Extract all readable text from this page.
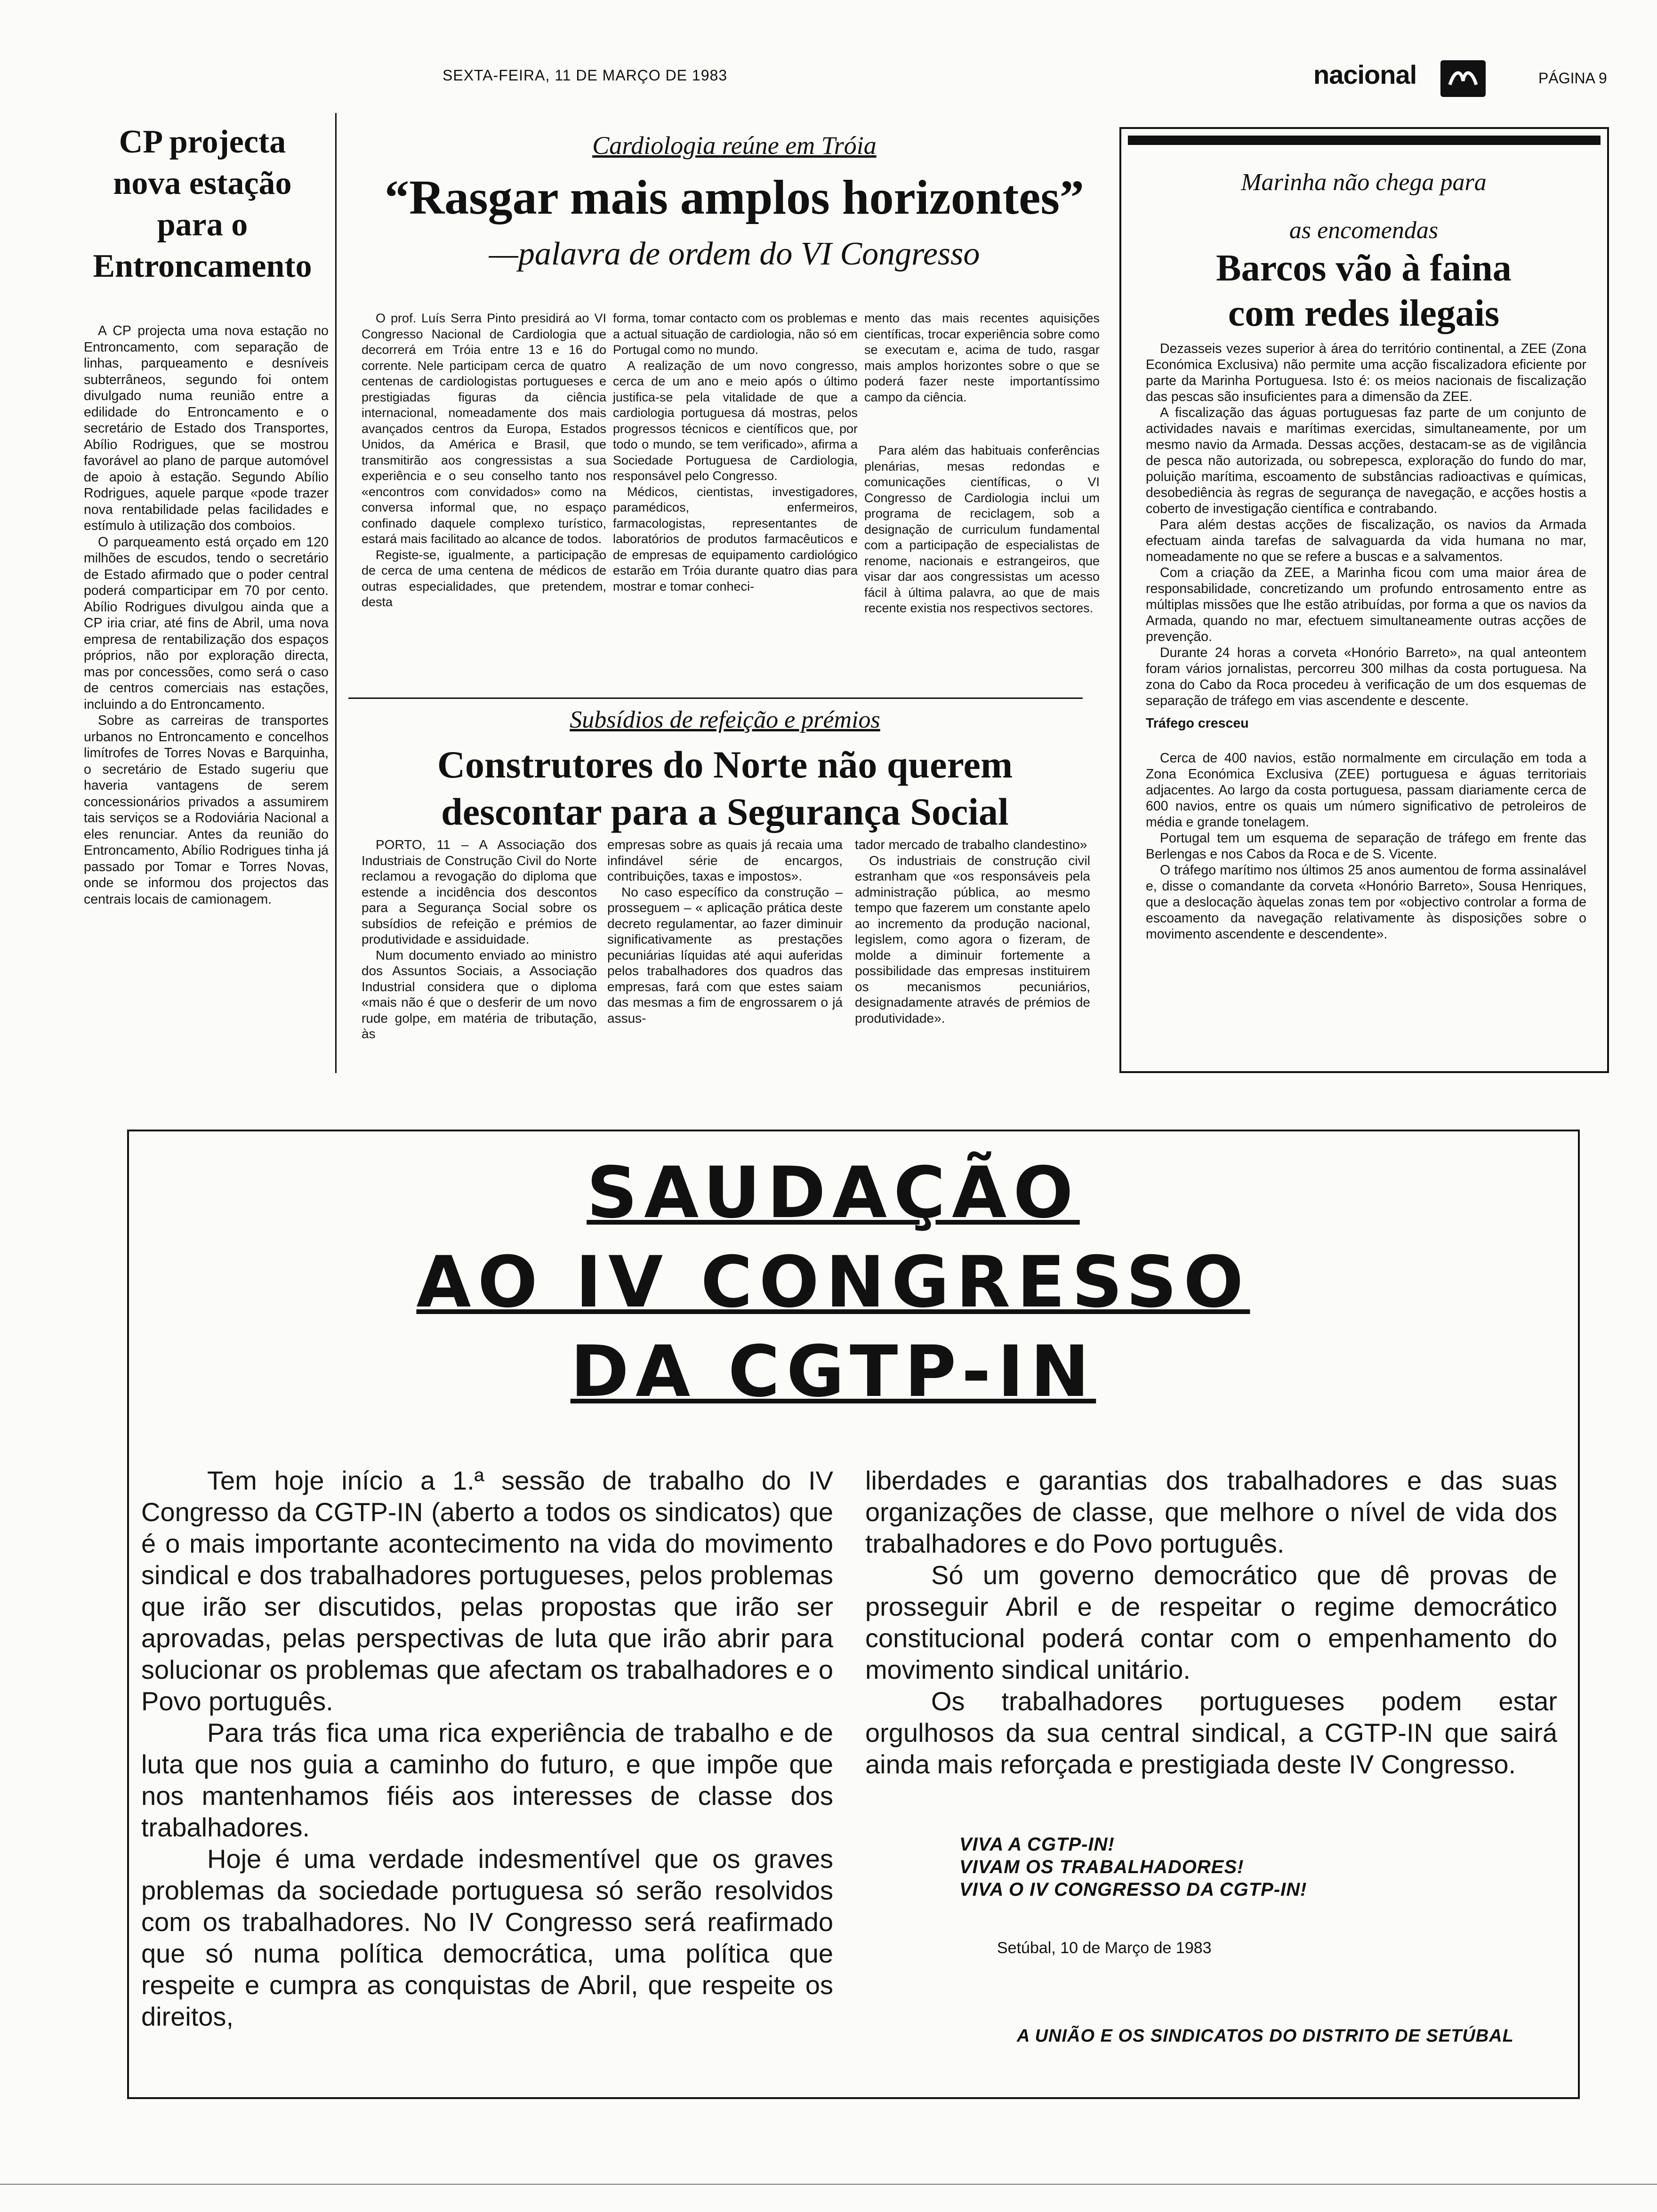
SEXTA-FEIRA, 11 DE MARÇO DE 1983	nacional	PÁGINA 9
CP projecta nova estação para o Entroncamento

A CP projecta uma nova estação no Entroncamento, com separação de linhas, parqueamento e desníveis subterrâneos, segundo foi ontem divulgado numa reunião entre a edilidade do Entroncamento e o secretário de Estado dos Transportes, Abílio Rodrigues, que se mostrou favorável ao plano de parque automóvel de apoio à estação. Segundo Abílio Rodrigues, aquele parque «pode trazer nova rentabilidade pelas facilidades e estímulo à utilização dos comboios.

O parqueamento está orçado em 120 milhões de escudos, tendo o secretário de Estado afirmado que o poder central poderá comparticipar em 70 por cento. Abílio Rodrigues divulgou ainda que a CP iria criar, até fins de Abril, uma nova empresa de rentabilização dos espaços próprios, não por exploração directa, mas por concessões, como será o caso de centros comerciais nas estações, incluindo a do Entroncamento.

Sobre as carreiras de transportes urbanos no Entroncamento e concelhos limítrofes de Torres Novas e Barquinha, o secretário de Estado sugeriu que haveria vantagens de serem concessionários privados a assumirem tais serviços se a Rodoviária Nacional a eles renunciar. Antes da reunião do Entroncamento, Abílio Rodrigues tinha já passado por Tomar e Torres Novas, onde se informou dos projectos das centrais locais de camionagem.

Cardiologia reúne em Tróia
“Rasgar mais amplos horizontes”
—palavra de ordem do VI Congresso

O prof. Luís Serra Pinto presidirá ao VI Congresso Nacional de Cardiologia que decorrerá em Tróia entre 13 e 16 do corrente. Nele participam cerca de quatro centenas de cardiologistas portugueses e prestigiadas figuras da ciência internacional, nomeadamente dos mais avançados centros da Europa, Estados Unidos, da América e Brasil, que transmitirão aos congressistas a sua experiência e o seu conselho tanto nos «encontros com convidados» como na conversa informal que, no espaço confinado daquele complexo turístico, estará mais facilitado ao alcance de todos.

Registe-se, igualmente, a participação de cerca de uma centena de médicos de outras especialidades, que pretendem, desta

forma, tomar contacto com os problemas e a actual situação de cardiologia, não só em Portugal como no mundo.

A realização de um novo congresso, cerca de um ano e meio após o último justifica-se pela vitalidade de que a cardiologia portuguesa dá mostras, pelos progressos técnicos e científicos que, por todo o mundo, se tem verificado», afirma a Sociedade Portuguesa de Cardiologia, responsável pelo Congresso.

Médicos, cientistas, investigadores, paramédicos, enfermeiros, farmacologistas, representantes de laboratórios de produtos farmacêuticos e de empresas de equipamento cardiológico estarão em Tróia durante quatro dias para mostrar e tomar conheci-

mento das mais recentes aquisições científicas, trocar experiência sobre como se executam e, acima de tudo, rasgar mais amplos horizontes sobre o que se poderá fazer neste importantíssimo campo da ciência.

Para além das habituais conferências plenárias, mesas redondas e comunicações científicas, o VI Congresso de Cardiologia inclui um programa de reciclagem, sob a designação de curriculum fundamental com a participação de especialistas de renome, nacionais e estrangeiros, que visar dar aos congressistas um acesso fácil à última palavra, ao que de mais recente existia nos respectivos sectores.

Subsídios de refeição e prémios
Construtores do Norte não querem descontar para a Segurança Social

PORTO, 11 – A Associação dos Industriais de Construção Civil do Norte reclamou a revogação do diploma que estende a incidência dos descontos para a Segurança Social sobre os subsídios de refeição e prémios de produtividade e assiduidade.

Num documento enviado ao ministro dos Assuntos Sociais, a Associação Industrial considera que o diploma «mais não é que o desferir de um novo rude golpe, em matéria de tributação, às

empresas sobre as quais já recaia uma infindável série de encargos, contribuições, taxas e impostos».

No caso específico da construção – prosseguem – « aplicação prática deste decreto regulamentar, ao fazer diminuir significativamente as prestações pecuniárias líquidas até aqui auferidas pelos trabalhadores dos quadros das empresas, fará com que estes saiam das mesmas a fim de engrossarem o já assus-

tador mercado de trabalho clandestino»

Os industriais de construção civil estranham que «os responsáveis pela administração pública, ao mesmo tempo que fazerem um constante apelo ao incremento da produção nacional, legislem, como agora o fizeram, de molde a diminuir fortemente a possibilidade das empresas instituirem os mecanismos pecuniários, designadamente através de prémios de produtividade».

Marinha não chega para
as encomendas
Barcos vão à faina com redes ilegais

Dezasseis vezes superior à área do território continental, a ZEE (Zona Económica Exclusiva) não permite uma acção fiscalizadora eficiente por parte da Marinha Portuguesa. Isto é: os meios nacionais de fiscalização das pescas são insuficientes para a dimensão da ZEE.

A fiscalização das águas portuguesas faz parte de um conjunto de actividades navais e marítimas exercidas, simultaneamente, por um mesmo navio da Armada. Dessas acções, destacam-se as de vigilância de pesca não autorizada, ou sobrepesca, exploração do fundo do mar, poluição marítima, escoamento de substâncias radioactivas e químicas, desobediência às regras de segurança de navegação, e acções hostis a coberto de investigação científica e contrabando.

Para além destas acções de fiscalização, os navios da Armada efectuam ainda tarefas de salvaguarda da vida humana no mar, nomeadamente no que se refere a buscas e a salvamentos.

Com a criação da ZEE, a Marinha ficou com uma maior área de responsabilidade, concretizando um profundo entrosamento entre as múltiplas missões que lhe estão atribuídas, por forma a que os navios da Armada, quando no mar, efectuem simultaneamente outras acções de prevenção.

Durante 24 horas a corveta «Honório Barreto», na qual anteontem foram vários jornalistas, percorreu 300 milhas da costa portuguesa. Na zona do Cabo da Roca procedeu à verificação de um dos esquemas de separação de tráfego em vias ascendente e descente.

Tráfego cresceu

Cerca de 400 navios, estão normalmente em circulação em toda a Zona Económica Exclusiva (ZEE) portuguesa e águas territoriais adjacentes. Ao largo da costa portuguesa, passam diariamente cerca de 600 navios, entre os quais um número significativo de petroleiros de média e grande tonelagem.

Portugal tem um esquema de separação de tráfego em frente das Berlengas e nos Cabos da Roca e de S. Vicente.

O tráfego marítimo nos últimos 25 anos aumentou de forma assinalável e, disse o comandante da corveta «Honório Barreto», Sousa Henriques, que a deslocação àquelas zonas tem por «objectivo controlar a forma de escoamento da navegação relativamente às disposições sobre o movimento ascendente e descendente».

SAUDAÇÃO
AO IV CONGRESSO
DA CGTP-IN

Tem hoje início a 1.ª sessão de trabalho do IV Congresso da CGTP-IN (aberto a todos os sindicatos) que é o mais importante acontecimento na vida do movimento sindical e dos trabalhadores portugueses, pelos problemas que irão ser discutidos, pelas propostas que irão ser aprovadas, pelas perspectivas de luta que irão abrir para solucionar os problemas que afectam os trabalhadores e o Povo português.

Para trás fica uma rica experiência de trabalho e de luta que nos guia a caminho do futuro, e que impõe que nos mantenhamos fiéis aos interesses de classe dos trabalhadores.

Hoje é uma verdade indesmentível que os graves problemas da sociedade portuguesa só serão resolvidos com os trabalhadores. No IV Congresso será reafirmado que só numa política democrática, uma política que respeite e cumpra as conquistas de Abril, que respeite os direitos,

liberdades e garantias dos trabalhadores e das suas organizações de classe, que melhore o nível de vida dos trabalhadores e do Povo português.

Só um governo democrático que dê provas de prosseguir Abril e de respeitar o regime democrático constitucional poderá contar com o empenhamento do movimento sindical unitário.

Os trabalhadores portugueses podem estar orgulhosos da sua central sindical, a CGTP-IN que sairá ainda mais reforçada e prestigiada deste IV Congresso.

VIVA A CGTP-IN!
VIVAM OS TRABALHADORES!
VIVA O IV CONGRESSO DA CGTP-IN!
Setúbal, 10 de Março de 1983
A UNIÃO E OS SINDICATOS DO DISTRITO DE SETÚBAL
